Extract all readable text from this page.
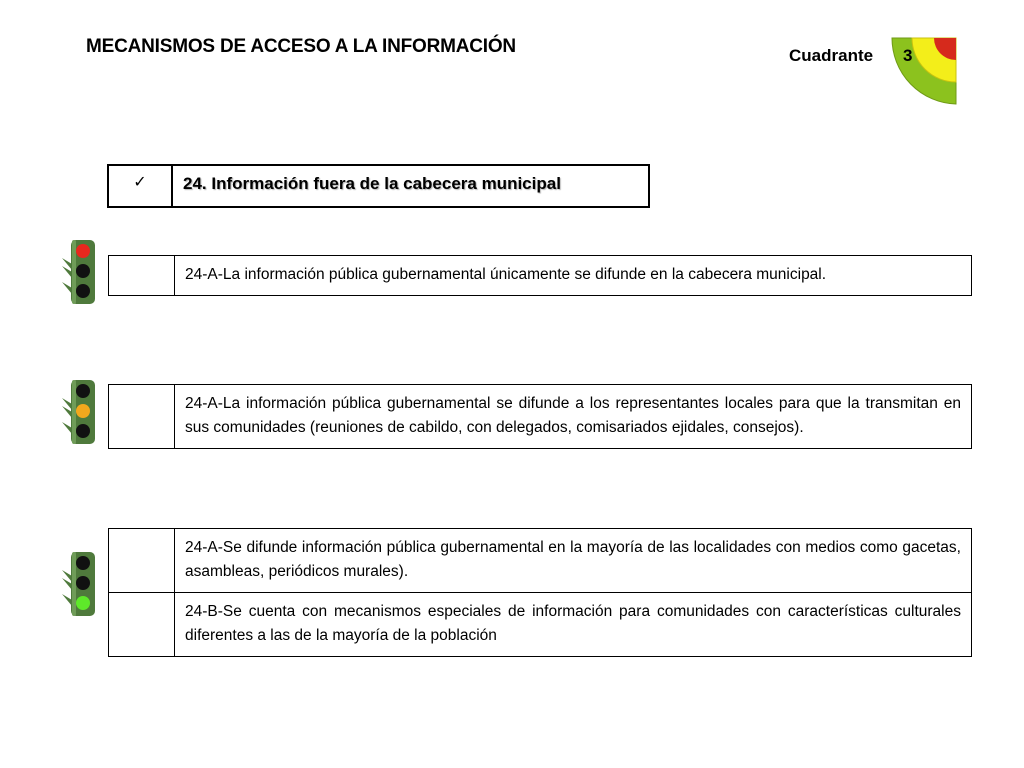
MECANISMOS DE ACCESO A LA INFORMACIÓN	Cuadrante 3
✓	24. Información fuera de la cabecera municipal
24-A-La información pública gubernamental únicamente se difunde en la cabecera municipal.
24-A-La información pública gubernamental se difunde a los representantes locales para que la transmitan en sus comunidades (reuniones de cabildo, con delegados, comisariados ejidales, consejos).
24-A-Se difunde información pública gubernamental en la mayoría de las localidades con medios como gacetas, asambleas, periódicos murales).
24-B-Se cuenta con mecanismos especiales de información para comunidades con características culturales diferentes a las de la mayoría de la población
